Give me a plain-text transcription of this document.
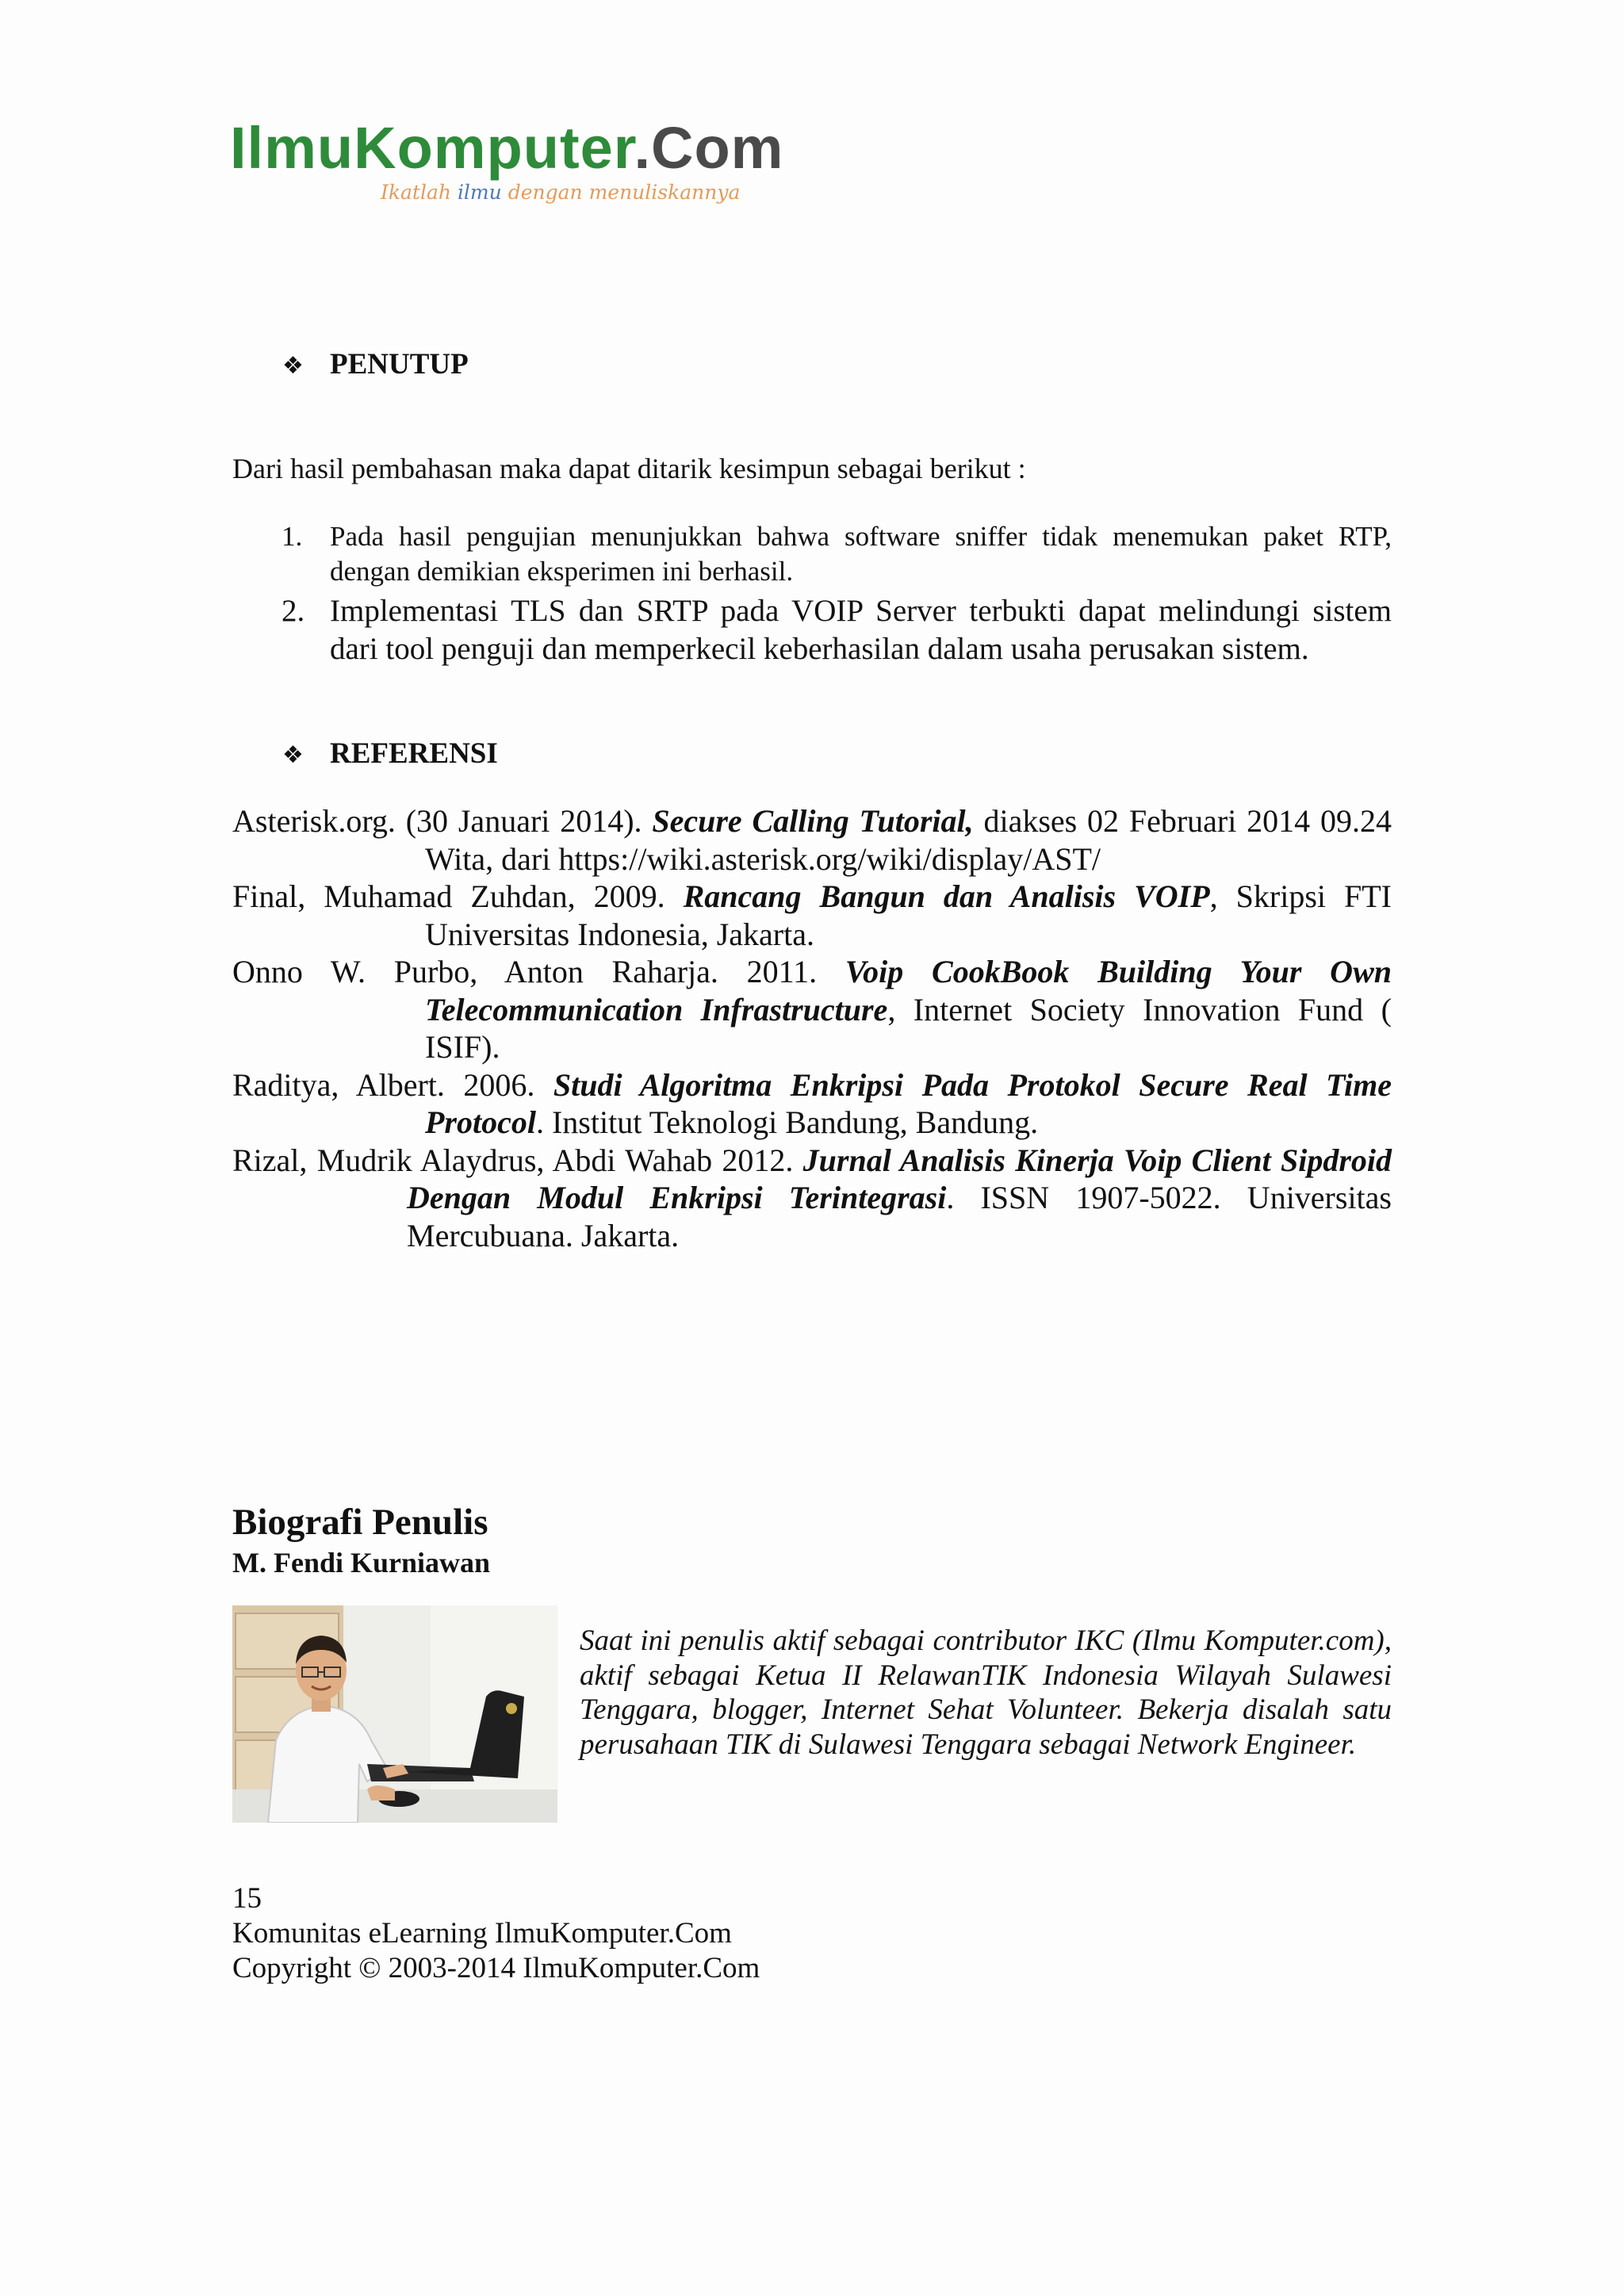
IlmuKomputer.Com
Ikatlah ilmu dengan menuliskannya
❖ PENUTUP
Dari hasil pembahasan maka dapat ditarik kesimpun sebagai berikut :
1. Pada hasil pengujian menunjukkan bahwa software sniffer tidak menemukan paket RTP, dengan demikian eksperimen ini berhasil.
2. Implementasi TLS dan SRTP pada VOIP Server terbukti dapat melindungi sistem dari tool penguji dan memperkecil keberhasilan dalam usaha perusakan sistem.
❖ REFERENSI
Asterisk.org. (30 Januari 2014). Secure Calling Tutorial, diakses 02 Februari 2014 09.24 Wita, dari https://wiki.asterisk.org/wiki/display/AST/
Final, Muhamad Zuhdan, 2009. Rancang Bangun dan Analisis VOIP, Skripsi FTI Universitas Indonesia, Jakarta.
Onno W. Purbo, Anton Raharja. 2011. Voip CookBook Building Your Own Telecommunication Infrastructure, Internet Society Innovation Fund ( ISIF).
Raditya, Albert. 2006. Studi Algoritma Enkripsi Pada Protokol Secure Real Time Protocol. Institut Teknologi Bandung, Bandung.
Rizal, Mudrik Alaydrus, Abdi Wahab 2012. Jurnal Analisis Kinerja Voip Client Sipdroid Dengan Modul Enkripsi Terintegrasi. ISSN 1907-5022. Universitas Mercubuana. Jakarta.
Biografi Penulis
M. Fendi Kurniawan
Saat ini penulis aktif sebagai contributor IKC (Ilmu Komputer.com), aktif sebagai Ketua II RelawanTIK Indonesia Wilayah Sulawesi Tenggara, blogger, Internet Sehat Volunteer. Bekerja disalah satu perusahaan TIK di Sulawesi Tenggara sebagai Network Engineer.
15
Komunitas eLearning IlmuKomputer.Com
Copyright © 2003-2014 IlmuKomputer.Com
